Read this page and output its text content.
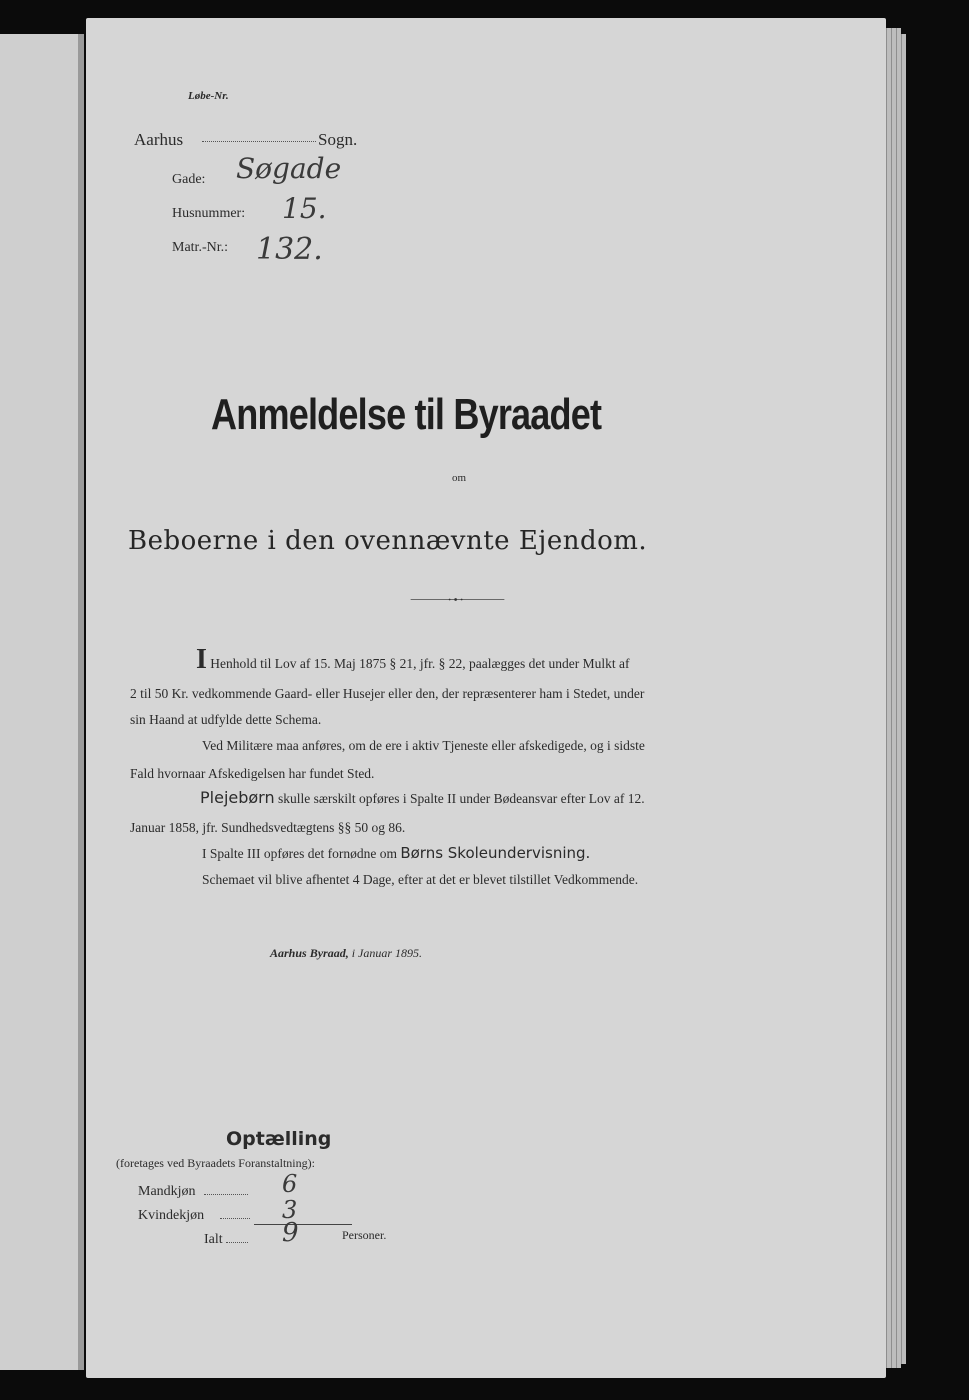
Løbe-Nr.
Aarhus	Sogn.
Gade: Søgade
Husnummer: 15.
Matr.-Nr.: 132.
Anmeldelse til Byraadet
om
Beboerne i den ovennævnte Ejendom.
I Henhold til Lov af 15. Maj 1875 § 21, jfr. § 22, paalægges det under Mulkt af
2 til 50 Kr. vedkommende Gaard- eller Husejer eller den, der repræsenterer ham i Stedet, under
sin Haand at udfylde dette Schema.
Ved Militære maa anføres, om de ere i aktiv Tjeneste eller afskedigede, og i sidste
Fald hvornaar Afskedigelsen har fundet Sted.
Plejebørn skulle særskilt opføres i Spalte II under Bødeansvar efter Lov af 12.
Januar 1858, jfr. Sundhedsvedtægtens §§ 50 og 86.
I Spalte III opføres det fornødne om Børns Skoleundervisning.
Schemaet vil blive afhentet 4 Dage, efter at det er blevet tilstillet Vedkommende.
Aarhus Byraad, i Januar 1895.
Optælling
(foretages ved Byraadets Foranstaltning):
Mandkjøn	6
Kvindekjøn	3
Ialt 9	Personer.
